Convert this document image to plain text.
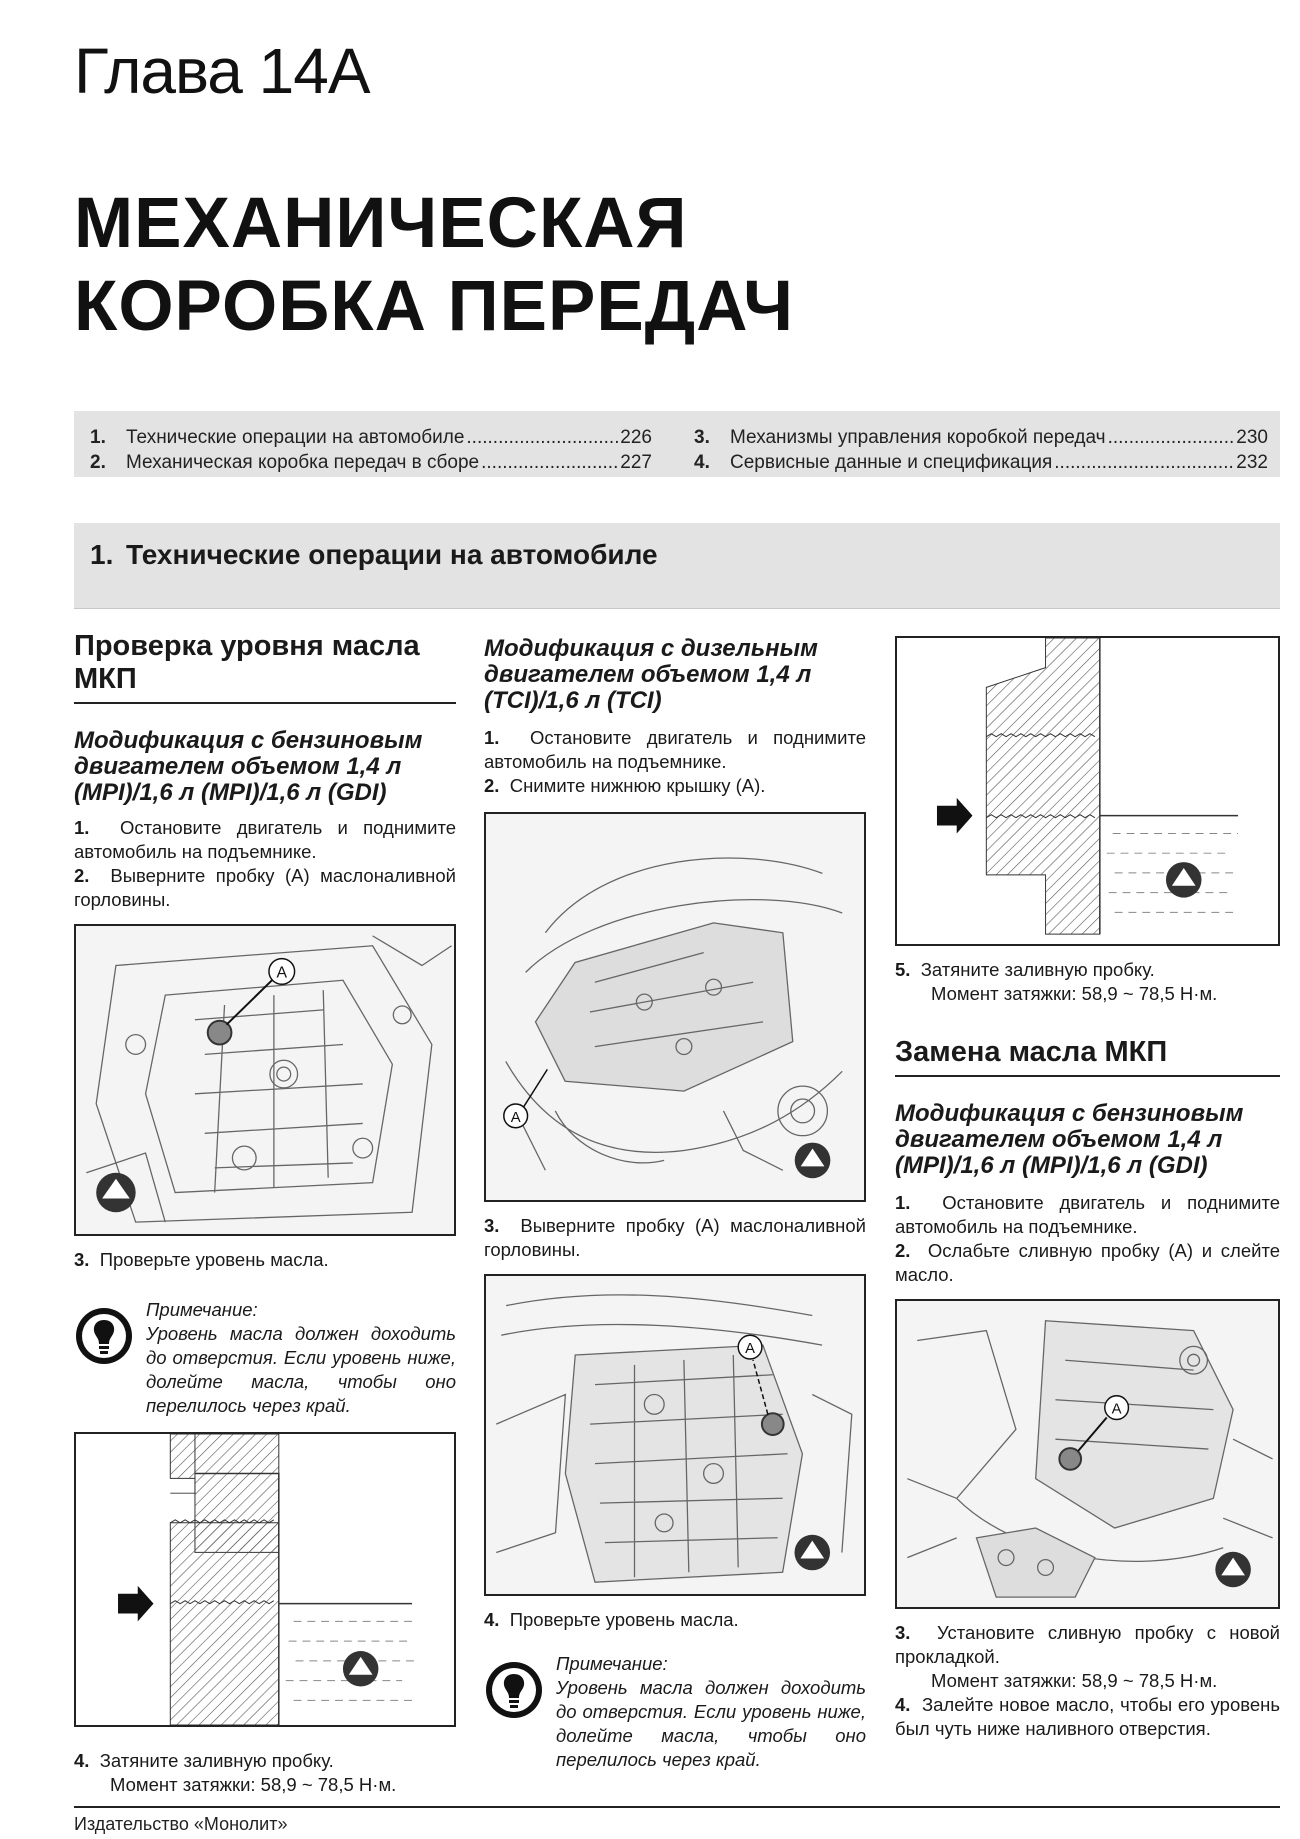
Глава 14А
МЕХАНИЧЕСКАЯ
КОРОБКА ПЕРЕДАЧ
1.	Технические операции на автомобиле .....	226
2.	Механическая коробка передач в сборе .....	227
3.	Механизмы управления коробкой передач .....	230
4.	Сервисные данные и спецификация .....	232
1. Технические операции на автомобиле
Проверка уровня масла МКП
Модификация с бензиновым двигателем объемом 1,4 л (MPI)/1,6 л (MPI)/1,6 л (GDI)
1. Остановите двигатель и поднимите автомобиль на подъемнике.
2. Выверните пробку (А) маслоналивной горловины.
A
3. Проверьте уровень масла.
Примечание:
Уровень масла должен доходить до отверстия. Если уровень ниже, долейте масла, чтобы оно перелилось через край.
4. Затяните заливную пробку.
Момент затяжки: 58,9 ~ 78,5 Н·м.
Модификация с дизельным двигателем объемом 1,4 л (TCI)/1,6 л (TCI)
1. Остановите двигатель и поднимите автомобиль на подъемнике.
2. Снимите нижнюю крышку (А).
A
3. Выверните пробку (А) маслоналивной горловины.
A
4. Проверьте уровень масла.
Примечание:
Уровень масла должен доходить до отверстия. Если уровень ниже, долейте масла, чтобы оно перелилось через край.
5. Затяните заливную пробку.
Момент затяжки: 58,9 ~ 78,5 Н·м.
Замена масла МКП
Модификация с бензиновым двигателем объемом 1,4 л (MPI)/1,6 л (MPI)/1,6 л (GDI)
1. Остановите двигатель и поднимите автомобиль на подъемнике.
2. Ослабьте сливную пробку (А) и слейте масло.
A
3. Установите сливную пробку с новой прокладкой.
Момент затяжки: 58,9 ~ 78,5 Н·м.
4. Залейте новое масло, чтобы его уровень был чуть ниже наливного отверстия.
Издательство «Монолит»
